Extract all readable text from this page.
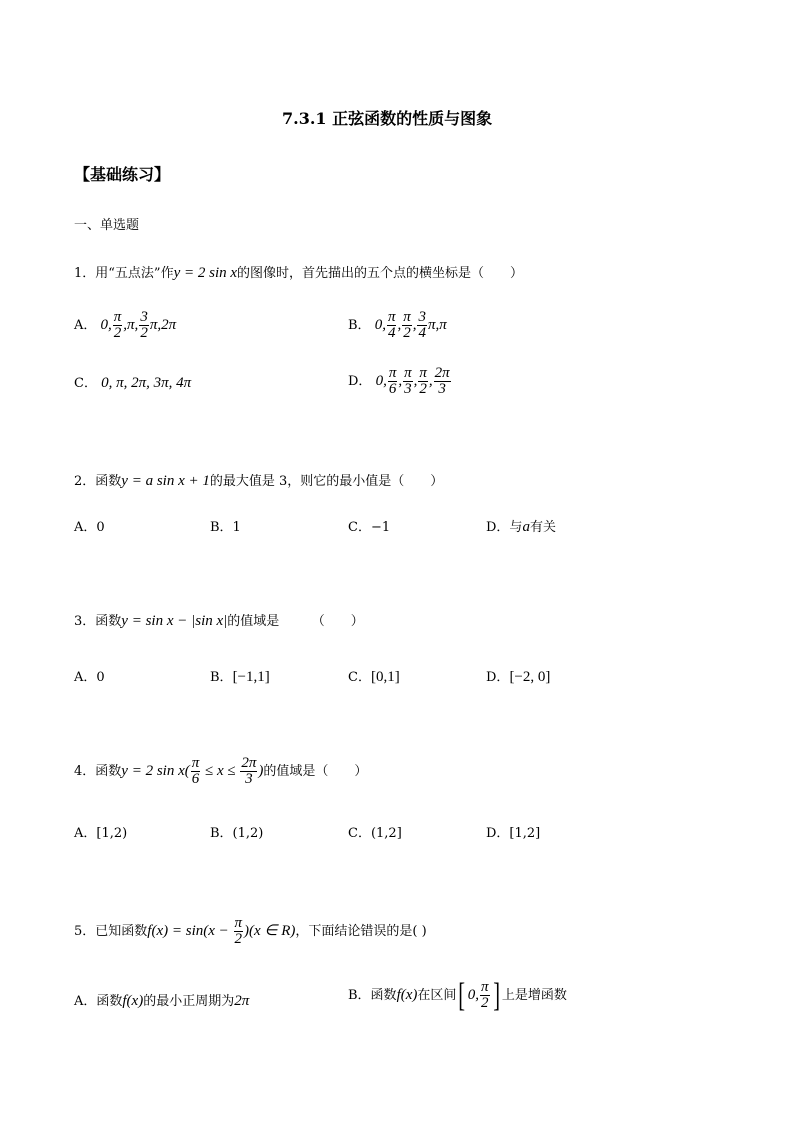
7.3.1 正弦函数的性质与图象
【基础练习】
一、单选题
1．用“五点法”作y = 2 sin x的图像时，首先描出的五个点的横坐标是（　　）
A． 0, $\frac{\pi}{2} ,\pi$, $\frac{3}{2} \pi,2\pi$	B． 0, $\frac{\pi}{4}$ , $\frac{\pi}{2}$ , $\frac{3}{4} \pi,\pi$
C． 0, π, 2π, 3π, 4π	D． 0, $\frac{\pi}{6}$ , $\frac{\pi}{3}$ , $\frac{\pi}{2}$ , $\frac{2\pi}{3}$
2．函数y = a sin x + 1的最大值是 3，则它的最小值是（　　）
A．0	B．1	C．−1	D．与a有关
3．函数y = sin x − |sin x|的值域是　　　（　　）
A．0	B．[−1,1]	C．[0,1]	D．[−2, 0]
4．函数y = 2 $\sin x( \frac{\pi}{6} \le x \le \frac{2\pi}{3}$ )的值域是（　　）
A．[1,2)	B．(1,2)	C．(1,2]	D．[1,2]
5．已知函数$f(x) = \sin(x - \frac{\pi}{2} )(x$ ∈ R)，下面结论错误的是( )
A．函数f(x)的最小正周期为2π	B．函数f(x)在区间[ 0, $\frac{\pi}{2}$ ] 上是增函数
